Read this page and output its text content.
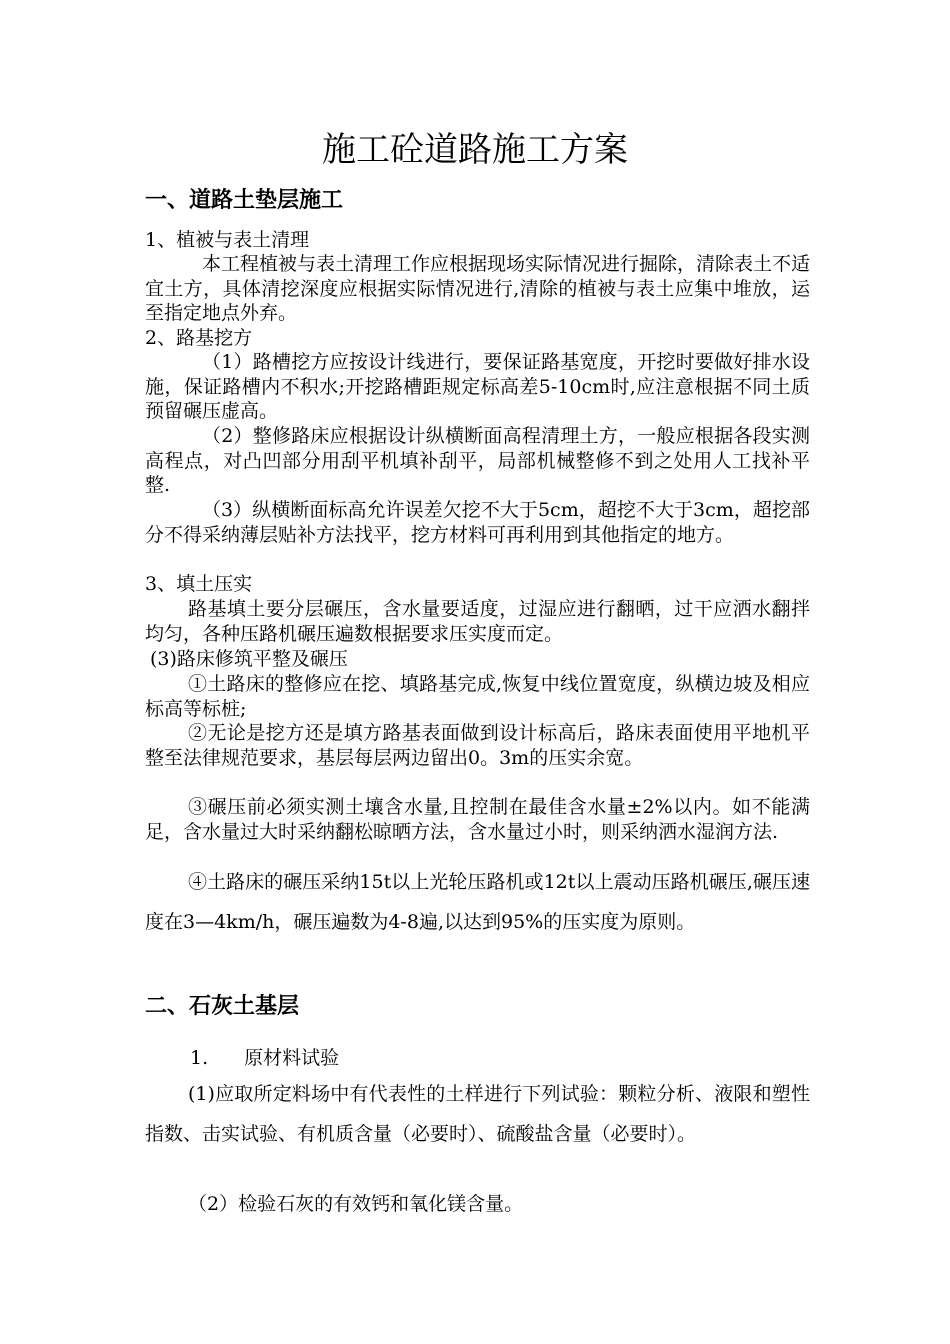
施工砼道路施工方案
一、道路土垫层施工

1、植被与表土清理

本工程植被与表土清理工作应根据现场实际情况进行掘除，清除表土不适宜土方，具体清挖深度应根据实际情况进行,清除的植被与表土应集中堆放，运至指定地点外弃。

2、路基挖方

（1）路槽挖方应按设计线进行，要保证路基宽度，开挖时要做好排水设施，保证路槽内不积水;开挖路槽距规定标高差5-10cm时,应注意根据不同土质预留碾压虚高。

（2）整修路床应根据设计纵横断面高程清理土方，一般应根据各段实测高程点，对凸凹部分用刮平机填补刮平，局部机械整修不到之处用人工找补平整.

（3）纵横断面标高允许误差欠挖不大于5cm，超挖不大于3cm，超挖部分不得采纳薄层贴补方法找平，挖方材料可再利用到其他指定的地方。

3、填土压实

路基填土要分层碾压，含水量要适度，过湿应进行翻晒，过干应洒水翻拌均匀，各种压路机碾压遍数根据要求压实度而定。

(3)路床修筑平整及碾压

①土路床的整修应在挖、填路基完成,恢复中线位置宽度，纵横边坡及相应标高等标桩;

②无论是挖方还是填方路基表面做到设计标高后，路床表面使用平地机平整至法律规范要求，基层每层两边留出0。3m的压实余宽。

③碾压前必须实测土壤含水量,且控制在最佳含水量±2%以内。如不能满足，含水量过大时采纳翻松晾晒方法，含水量过小时，则采纳洒水湿润方法.

④土路床的碾压采纳15t以上光轮压路机或12t以上震动压路机碾压,碾压速度在3—4km/h，碾压遍数为4-8遍,以达到95%的压实度为原则。

二、石灰土基层
1. 原材料试验

(1)应取所定料场中有代表性的土样进行下列试验：颗粒分析、液限和塑性指数、击实试验、有机质含量（必要时）、硫酸盐含量（必要时）。

（2）检验石灰的有效钙和氧化镁含量。
